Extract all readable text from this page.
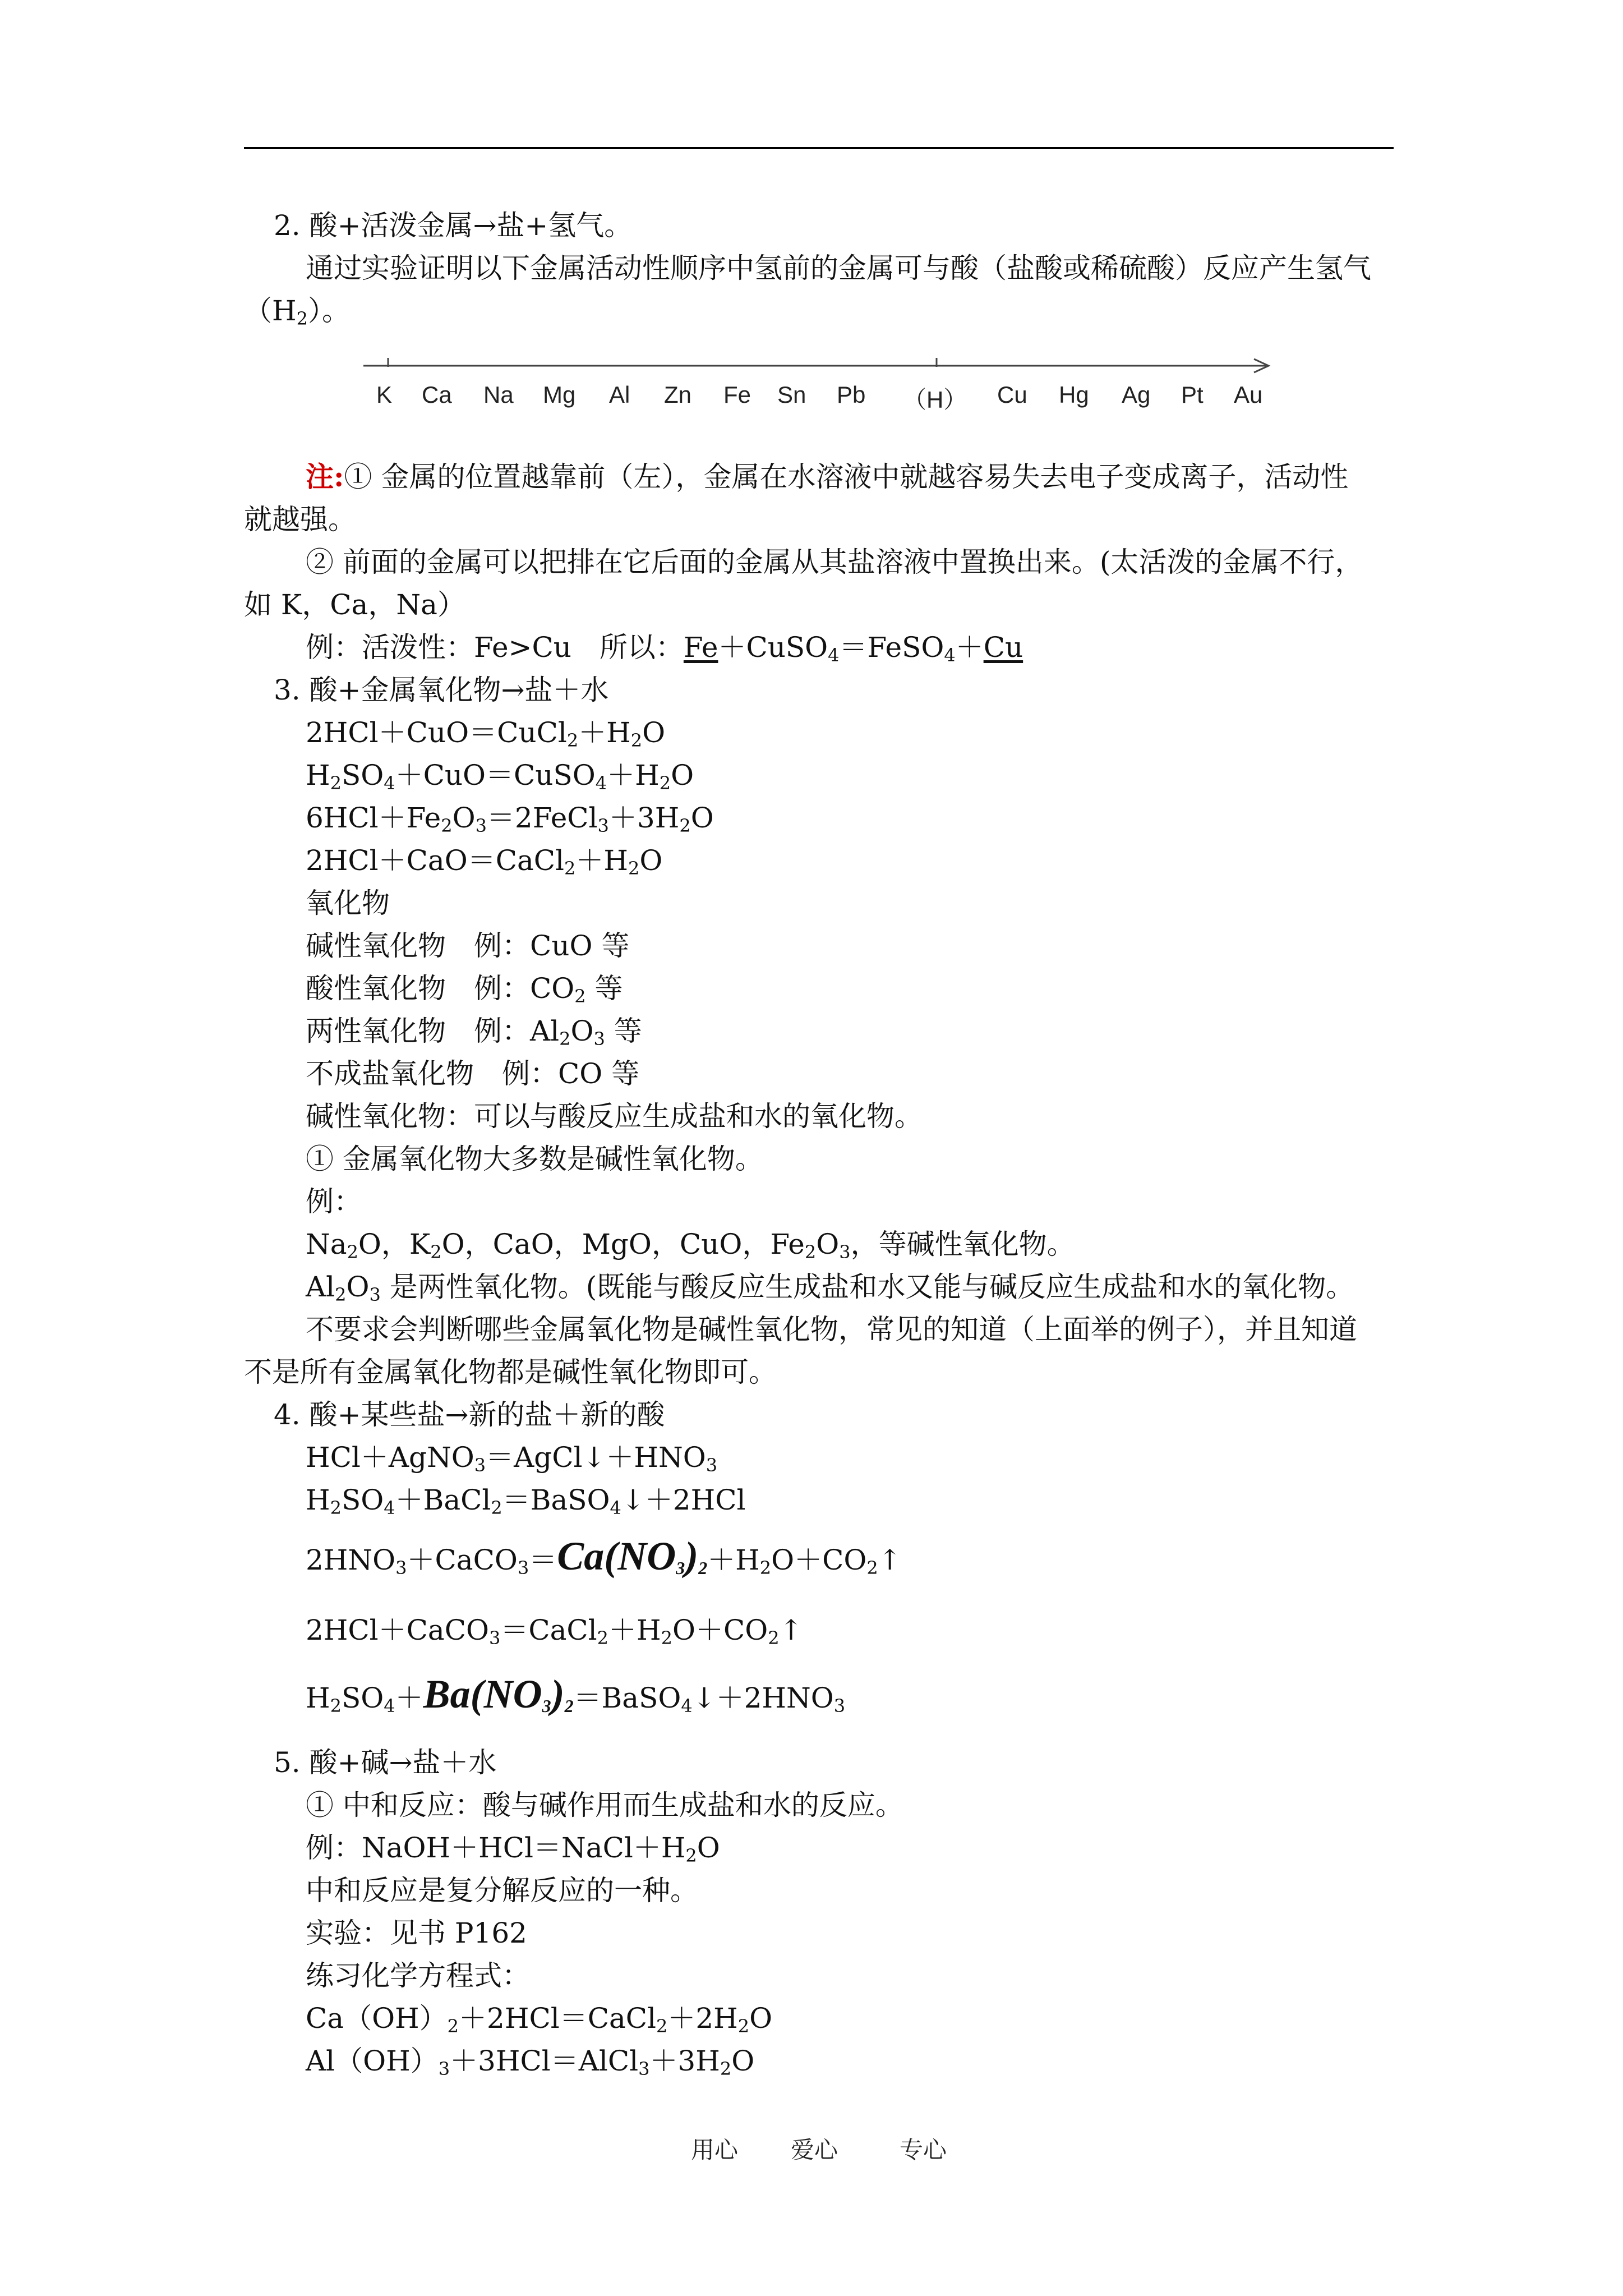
2. 酸+活泼金属→盐+氢气。
通过实验证明以下金属活动性顺序中氢前的金属可与酸（盐酸或稀硫酸）反应产生氢气
$(H_2)$。
K Ca Na Mg Al Zn Fe Sn Pb （H） Cu Hg Ag Pt Au
注:① 金属的位置越靠前（左），金属在水溶液中就越容易失去电子变成离子，活动性
就越强。
② 前面的金属可以把排在它后面的金属从其盐溶液中置换出来。(太活泼的金属不行，
如 K，Ca，Na）
例：活泼性：Fe>Cu　所以：Fe＋CuSO$_4$＝FeSO$_4$＋Cu
3. 酸+金属氧化物→盐＋水
$2HCl+CuO=CuCl_2+H_2O$
$H_2SO_4+CuO=CuSO_4+H_2O$
$6HCl+Fe_2O_3=2FeCl_3+3H_2O$
$2HCl+CaO=CaCl_2+H_2O$
氧化物
碱性氧化物　例：CuO 等
酸性氧化物　例：$CO_2$ 等
两性氧化物　例：$Al_2O_3$ 等
不成盐氧化物　例：CO 等
碱性氧化物：可以与酸反应生成盐和水的氧化物。
① 金属氧化物大多数是碱性氧化物。
例：
$Na_2O$，$K_2O$，CaO，MgO，CuO，$Fe_2O_3$，等碱性氧化物。
$Al_2O_3$ 是两性氧化物。(既能与酸反应生成盐和水又能与碱反应生成盐和水的氧化物。
不要求会判断哪些金属氧化物是碱性氧化物，常见的知道（上面举的例子），并且知道
不是所有金属氧化物都是碱性氧化物即可。
4. 酸+某些盐→新的盐＋新的酸
$HCl+AgNO_3=AgCl↓+HNO_3$
$H_2SO_4+BaCl_2=BaSO_4↓+2HCl$
$2HNO_3+CaCO_3=Ca(NO_3)_2+H_2O+CO_2↑$
$2HCl+CaCO_3=CaCl_2+H_2O+CO_2↑$
$H_2SO_4+Ba(NO_3)_2=BaSO_4↓+2HNO_3$
5. 酸+碱→盐＋水
① 中和反应：酸与碱作用而生成盐和水的反应。
例：$NaOH+HCl=NaCl+H_2O$
中和反应是复分解反应的一种。
实验：见书 P162
练习化学方程式：
$Ca(OH)_2+2HCl=CaCl_2+2H_2O$
$Al(OH)_3+3HCl=AlCl_3+3H_2O$
用心 爱心	专心
